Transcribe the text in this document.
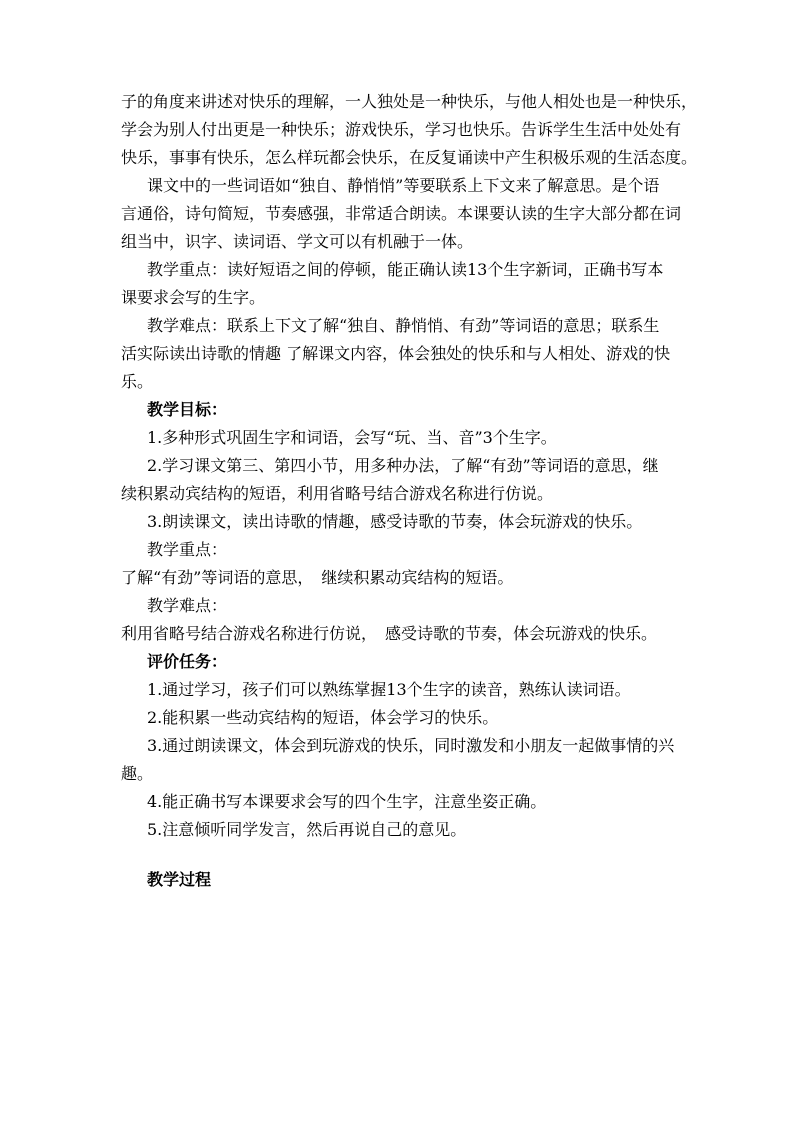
子的角度来讲述对快乐的理解，一人独处是一种快乐，与他人相处也是一种快乐，
学会为别人付出更是一种快乐；游戏快乐，学习也快乐。告诉学生生活中处处有
快乐，事事有快乐，怎么样玩都会快乐，在反复诵读中产生积极乐观的生活态度。
课文中的一些词语如“独自、静悄悄”等要联系上下文来了解意思。是个语
言通俗，诗句简短，节奏感强，非常适合朗读。本课要认读的生字大部分都在词
组当中，识字、读词语、学文可以有机融于一体。
教学重点：读好短语之间的停顿，能正确认读13个生字新词，正确书写本
课要求会写的生字。
教学难点：联系上下文了解“独自、静悄悄、有劲”等词语的意思；联系生
活实际读出诗歌的情趣 了解课文内容，体会独处的快乐和与人相处、游戏的快
乐。
教学目标：
1.多种形式巩固生字和词语，会写“玩、当、音”3个生字。
2.学习课文第三、第四小节，用多种办法，了解“有劲”等词语的意思，继
续积累动宾结构的短语，利用省略号结合游戏名称进行仿说。
3.朗读课文，读出诗歌的情趣，感受诗歌的节奏，体会玩游戏的快乐。
教学重点：
了解“有劲”等词语的意思，　继续积累动宾结构的短语。
教学难点：
利用省略号结合游戏名称进行仿说，　感受诗歌的节奏，体会玩游戏的快乐。
评价任务：
1.通过学习，孩子们可以熟练掌握13个生字的读音，熟练认读词语。
2.能积累一些动宾结构的短语，体会学习的快乐。
3.通过朗读课文，体会到玩游戏的快乐，同时激发和小朋友一起做事情的兴
趣。
4.能正确书写本课要求会写的四个生字，注意坐姿正确。
5.注意倾听同学发言，然后再说自己的意见。
教学过程
